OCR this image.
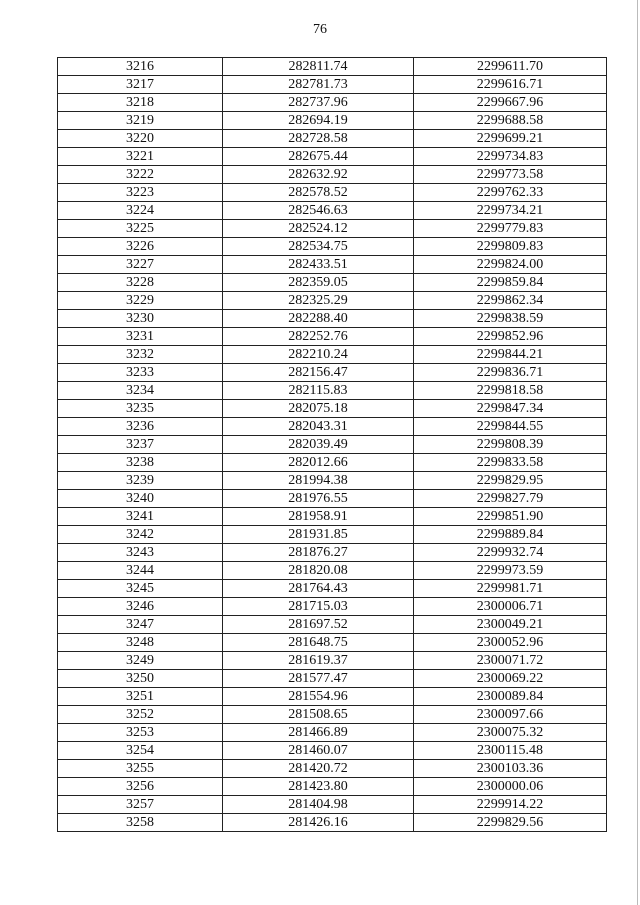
76
3216	282811.74	2299611.70
3217	282781.73	2299616.71
3218	282737.96	2299667.96
3219	282694.19	2299688.58
3220	282728.58	2299699.21
3221	282675.44	2299734.83
3222	282632.92	2299773.58
3223	282578.52	2299762.33
3224	282546.63	2299734.21
3225	282524.12	2299779.83
3226	282534.75	2299809.83
3227	282433.51	2299824.00
3228	282359.05	2299859.84
3229	282325.29	2299862.34
3230	282288.40	2299838.59
3231	282252.76	2299852.96
3232	282210.24	2299844.21
3233	282156.47	2299836.71
3234	282115.83	2299818.58
3235	282075.18	2299847.34
3236	282043.31	2299844.55
3237	282039.49	2299808.39
3238	282012.66	2299833.58
3239	281994.38	2299829.95
3240	281976.55	2299827.79
3241	281958.91	2299851.90
3242	281931.85	2299889.84
3243	281876.27	2299932.74
3244	281820.08	2299973.59
3245	281764.43	2299981.71
3246	281715.03	2300006.71
3247	281697.52	2300049.21
3248	281648.75	2300052.96
3249	281619.37	2300071.72
3250	281577.47	2300069.22
3251	281554.96	2300089.84
3252	281508.65	2300097.66
3253	281466.89	2300075.32
3254	281460.07	2300115.48
3255	281420.72	2300103.36
3256	281423.80	2300000.06
3257	281404.98	2299914.22
3258	281426.16	2299829.56
